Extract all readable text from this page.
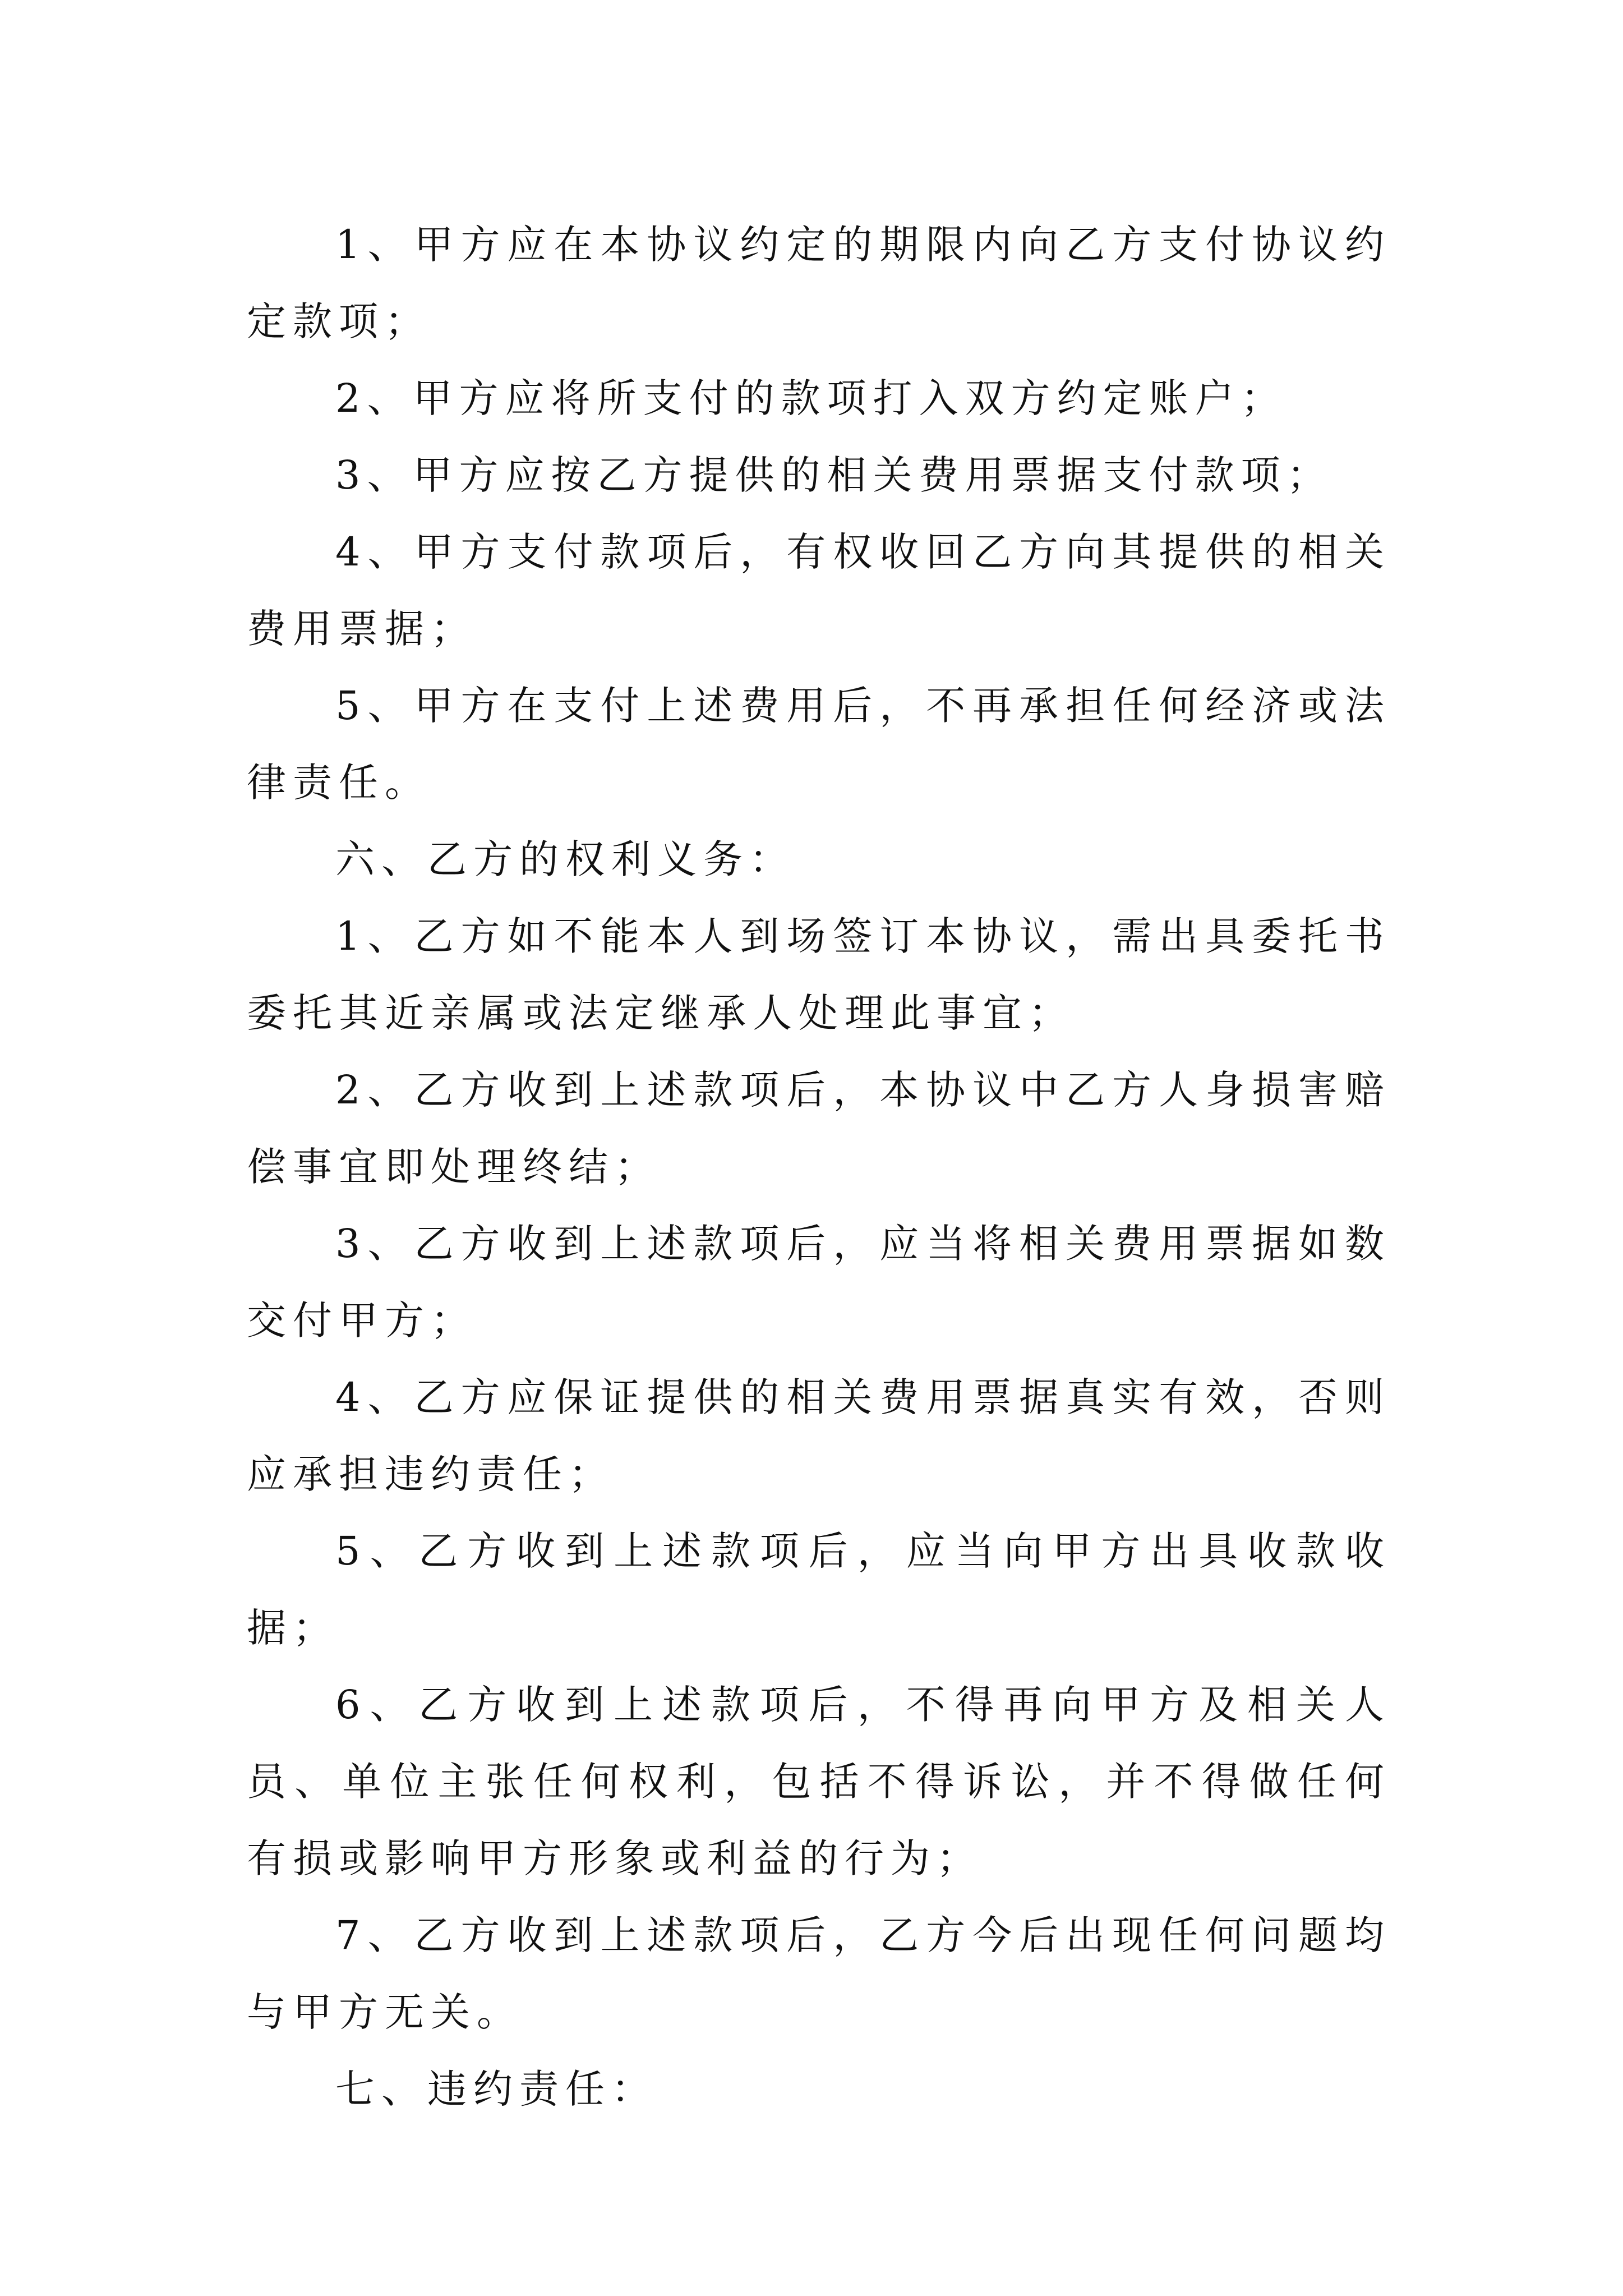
1、甲方应在本协议约定的期限内向乙方支付协议约定款项；

2、甲方应将所支付的款项打入双方约定账户；

3、甲方应按乙方提供的相关费用票据支付款项；

4、甲方支付款项后，有权收回乙方向其提供的相关费用票据；

5、甲方在支付上述费用后，不再承担任何经济或法律责任。

六、乙方的权利义务：

1、乙方如不能本人到场签订本协议，需出具委托书委托其近亲属或法定继承人处理此事宜；

2、乙方收到上述款项后，本协议中乙方人身损害赔偿事宜即处理终结；

3、乙方收到上述款项后，应当将相关费用票据如数交付甲方；

4、乙方应保证提供的相关费用票据真实有效，否则应承担违约责任；

5、乙方收到上述款项后，应当向甲方出具收款收据；

6、乙方收到上述款项后，不得再向甲方及相关人员、单位主张任何权利，包括不得诉讼，并不得做任何有损或影响甲方形象或利益的行为；

7、乙方收到上述款项后，乙方今后出现任何问题均与甲方无关。

七、违约责任：
